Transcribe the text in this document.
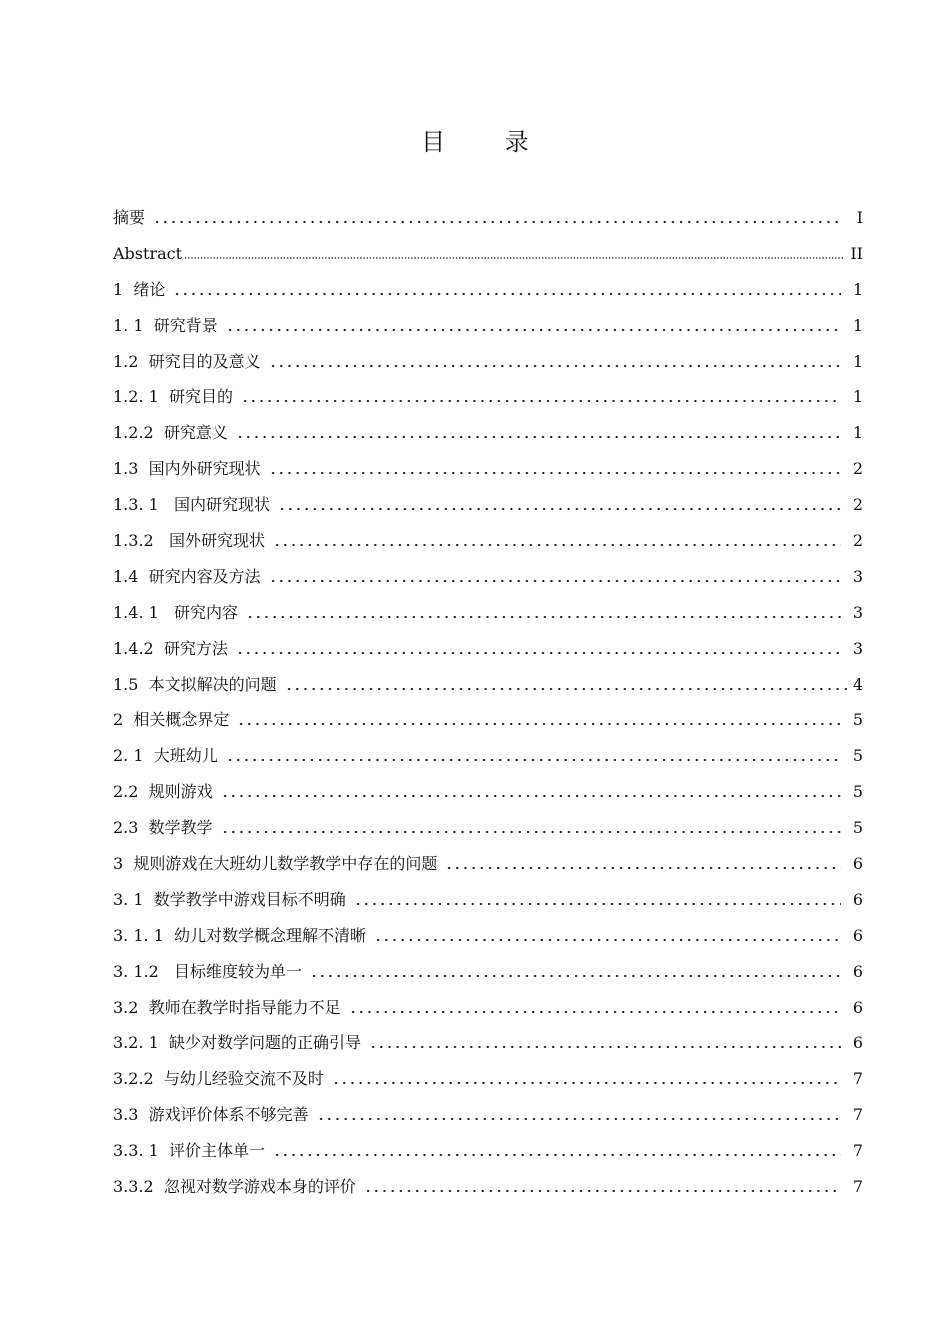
目 录
摘要	I
Abstract	II
1  绪论	1
1. 1  研究背景	1
1.2  研究目的及意义	1
1.2. 1  研究目的	1
1.2.2  研究意义	1
1.3  国内外研究现状	2
1.3. 1   国内研究现状	2
1.3.2   国外研究现状	2
1.4  研究内容及方法	3
1.4. 1   研究内容	3
1.4.2  研究方法	3
1.5  本文拟解决的问题	4
2  相关概念界定	5
2. 1  大班幼儿	5
2.2  规则游戏	5
2.3  数学教学	5
3  规则游戏在大班幼儿数学教学中存在的问题	6
3. 1  数学教学中游戏目标不明确	6
3. 1. 1  幼儿对数学概念理解不清晰	6
3. 1.2   目标维度较为单一	6
3.2  教师在教学时指导能力不足	6
3.2. 1  缺少对数学问题的正确引导	6
3.2.2  与幼儿经验交流不及时	7
3.3  游戏评价体系不够完善	7
3.3. 1  评价主体单一	7
3.3.2  忽视对数学游戏本身的评价	7
